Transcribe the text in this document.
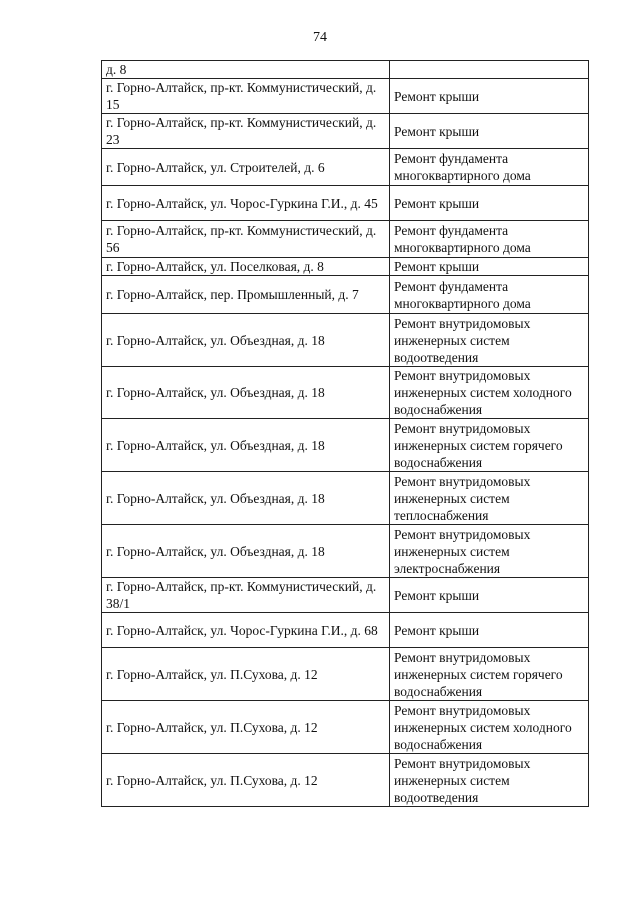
74
д. 8	
г. Горно-Алтайск, пр-кт. Коммунистический, д. 15	Ремонт крыши
г. Горно-Алтайск, пр-кт. Коммунистический, д. 23	Ремонт крыши
г. Горно-Алтайск, ул. Строителей, д. 6	Ремонт фундамента многоквартирного дома
г. Горно-Алтайск, ул. Чорос-Гуркина Г.И., д. 45	Ремонт крыши
г. Горно-Алтайск, пр-кт. Коммунистический, д. 56	Ремонт фундамента многоквартирного дома
г. Горно-Алтайск, ул. Поселковая, д. 8	Ремонт крыши
г. Горно-Алтайск, пер. Промышленный, д. 7	Ремонт фундамента многоквартирного дома
г. Горно-Алтайск, ул. Объездная, д. 18	Ремонт внутридомовых инженерных систем водоотведения
г. Горно-Алтайск, ул. Объездная, д. 18	Ремонт внутридомовых инженерных систем холодного водоснабжения
г. Горно-Алтайск, ул. Объездная, д. 18	Ремонт внутридомовых инженерных систем горячего водоснабжения
г. Горно-Алтайск, ул. Объездная, д. 18	Ремонт внутридомовых инженерных систем теплоснабжения
г. Горно-Алтайск, ул. Объездная, д. 18	Ремонт внутридомовых инженерных систем электроснабжения
г. Горно-Алтайск, пр-кт. Коммунистический, д. 38/1	Ремонт крыши
г. Горно-Алтайск, ул. Чорос-Гуркина Г.И., д. 68	Ремонт крыши
г. Горно-Алтайск, ул. П.Сухова, д. 12	Ремонт внутридомовых инженерных систем горячего водоснабжения
г. Горно-Алтайск, ул. П.Сухова, д. 12	Ремонт внутридомовых инженерных систем холодного водоснабжения
г. Горно-Алтайск, ул. П.Сухова, д. 12	Ремонт внутридомовых инженерных систем водоотведения
